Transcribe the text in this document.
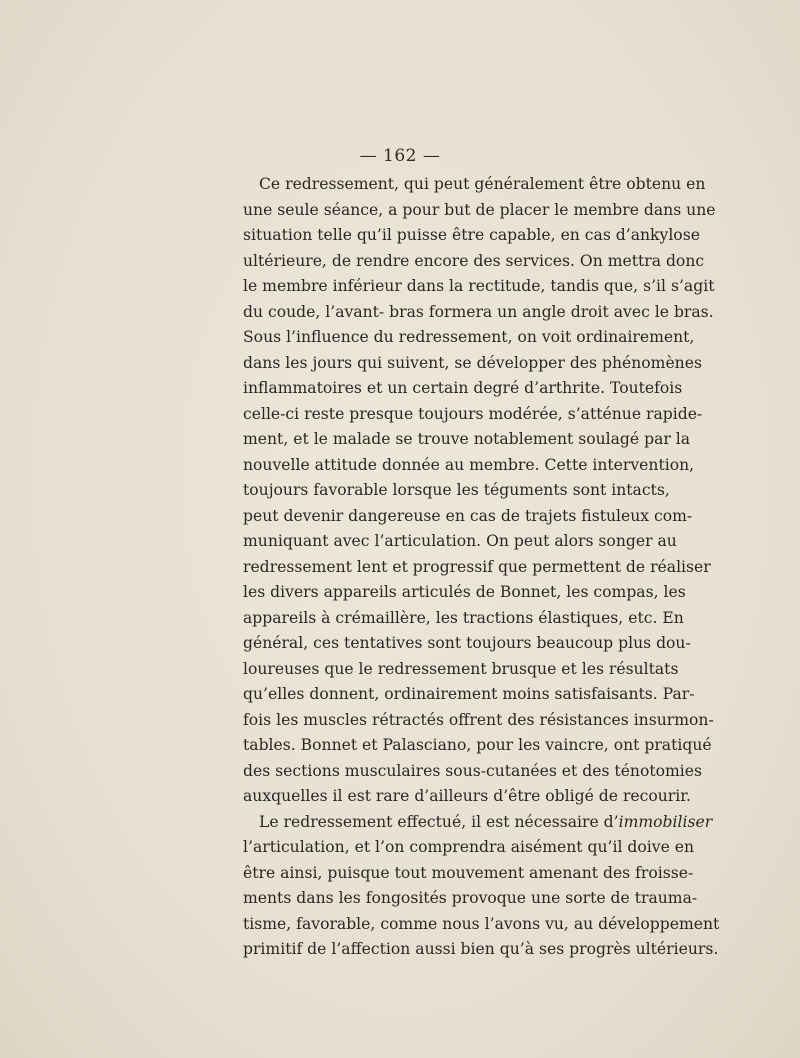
— 162 —
Ce redressement, qui peut généralement être obtenu en
une seule séance, a pour but de placer le membre dans une
situation telle qu’il puisse être capable, en cas d’ankylose
ultérieure, de rendre encore des services. On mettra donc
le membre inférieur dans la rectitude, tandis que, s’il s’agit
du coude, l’avant- bras formera un angle droit avec le bras.
Sous l’influence du redressement, on voit ordinairement,
dans les jours qui suivent, se développer des phénomènes
inflammatoires et un certain degré d’arthrite. Toutefois
celle-ci reste presque toujours modérée, s’atténue rapide-
ment, et le malade se trouve notablement soulagé par la
nouvelle attitude donnée au membre. Cette intervention,
toujours favorable lorsque les téguments sont intacts,
peut devenir dangereuse en cas de trajets fistuleux com-
muniquant avec l’articulation. On peut alors songer au
redressement lent et progressif que permettent de réaliser
les divers appareils articulés de Bonnet, les compas, les
appareils à crémaillère, les tractions élastiques, etc. En
général, ces tentatives sont toujours beaucoup plus dou-
loureuses que le redressement brusque et les résultats
qu’elles donnent, ordinairement moins satisfaisants. Par-
fois les muscles rétractés offrent des résistances insurmon-
tables. Bonnet et Palasciano, pour les vaincre, ont pratiqué
des sections musculaires sous-cutanées et des ténotomies
auxquelles il est rare d’ailleurs d’être obligé de recourir.
Le redressement effectué, il est nécessaire d’immobiliser
l’articulation, et l’on comprendra aisément qu’il doive en
être ainsi, puisque tout mouvement amenant des froisse-
ments dans les fongosités provoque une sorte de trauma-
tisme, favorable, comme nous l’avons vu, au développement
primitif de l’affection aussi bien qu’à ses progrès ultérieurs.
